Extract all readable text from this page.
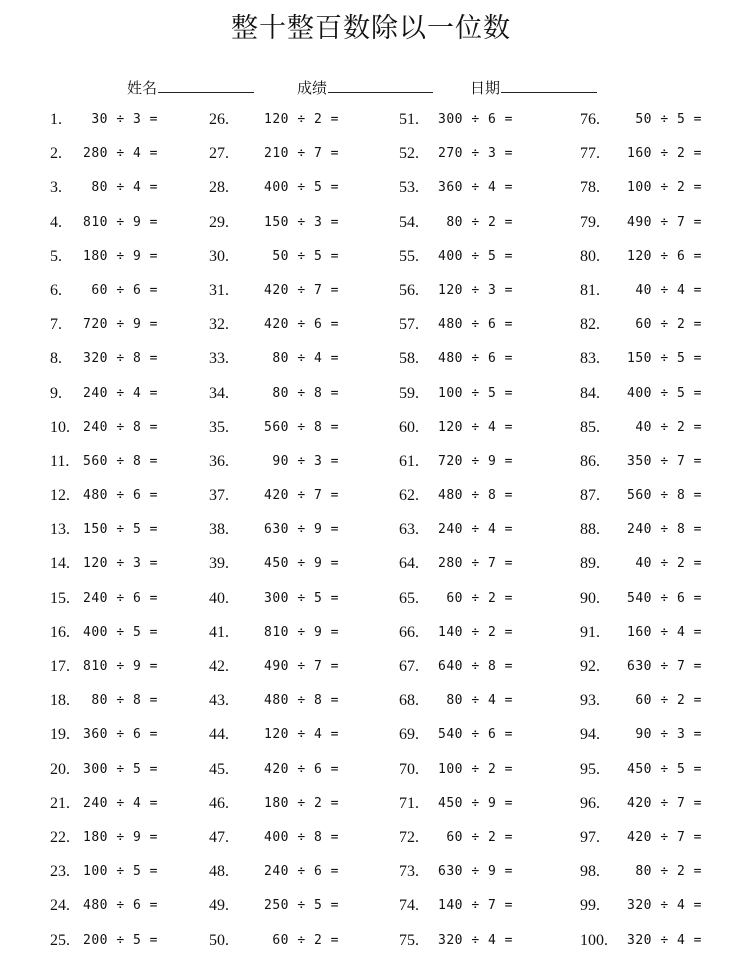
整十整百数除以一位数
姓名	成绩	日期
1.	30 ÷ 3 =
2.	280 ÷ 4 =
3.	80 ÷ 4 =
4.	810 ÷ 9 =
5.	180 ÷ 9 =
6.	60 ÷ 6 =
7.	720 ÷ 9 =
8.	320 ÷ 8 =
9.	240 ÷ 4 =
10.	240 ÷ 8 =
11.	560 ÷ 8 =
12.	480 ÷ 6 =
13.	150 ÷ 5 =
14.	120 ÷ 3 =
15.	240 ÷ 6 =
16.	400 ÷ 5 =
17.	810 ÷ 9 =
18.	80 ÷ 8 =
19.	360 ÷ 6 =
20.	300 ÷ 5 =
21.	240 ÷ 4 =
22.	180 ÷ 9 =
23.	100 ÷ 5 =
24.	480 ÷ 6 =
25.	200 ÷ 5 =
26.	120 ÷ 2 =
27.	210 ÷ 7 =
28.	400 ÷ 5 =
29.	150 ÷ 3 =
30.	50 ÷ 5 =
31.	420 ÷ 7 =
32.	420 ÷ 6 =
33.	80 ÷ 4 =
34.	80 ÷ 8 =
35.	560 ÷ 8 =
36.	90 ÷ 3 =
37.	420 ÷ 7 =
38.	630 ÷ 9 =
39.	450 ÷ 9 =
40.	300 ÷ 5 =
41.	810 ÷ 9 =
42.	490 ÷ 7 =
43.	480 ÷ 8 =
44.	120 ÷ 4 =
45.	420 ÷ 6 =
46.	180 ÷ 2 =
47.	400 ÷ 8 =
48.	240 ÷ 6 =
49.	250 ÷ 5 =
50.	60 ÷ 2 =
51.	300 ÷ 6 =
52.	270 ÷ 3 =
53.	360 ÷ 4 =
54.	80 ÷ 2 =
55.	400 ÷ 5 =
56.	120 ÷ 3 =
57.	480 ÷ 6 =
58.	480 ÷ 6 =
59.	100 ÷ 5 =
60.	120 ÷ 4 =
61.	720 ÷ 9 =
62.	480 ÷ 8 =
63.	240 ÷ 4 =
64.	280 ÷ 7 =
65.	60 ÷ 2 =
66.	140 ÷ 2 =
67.	640 ÷ 8 =
68.	80 ÷ 4 =
69.	540 ÷ 6 =
70.	100 ÷ 2 =
71.	450 ÷ 9 =
72.	60 ÷ 2 =
73.	630 ÷ 9 =
74.	140 ÷ 7 =
75.	320 ÷ 4 =
76.	50 ÷ 5 =
77.	160 ÷ 2 =
78.	100 ÷ 2 =
79.	490 ÷ 7 =
80.	120 ÷ 6 =
81.	40 ÷ 4 =
82.	60 ÷ 2 =
83.	150 ÷ 5 =
84.	400 ÷ 5 =
85.	40 ÷ 2 =
86.	350 ÷ 7 =
87.	560 ÷ 8 =
88.	240 ÷ 8 =
89.	40 ÷ 2 =
90.	540 ÷ 6 =
91.	160 ÷ 4 =
92.	630 ÷ 7 =
93.	60 ÷ 2 =
94.	90 ÷ 3 =
95.	450 ÷ 5 =
96.	420 ÷ 7 =
97.	420 ÷ 7 =
98.	80 ÷ 2 =
99.	320 ÷ 4 =
100.	320 ÷ 4 =
